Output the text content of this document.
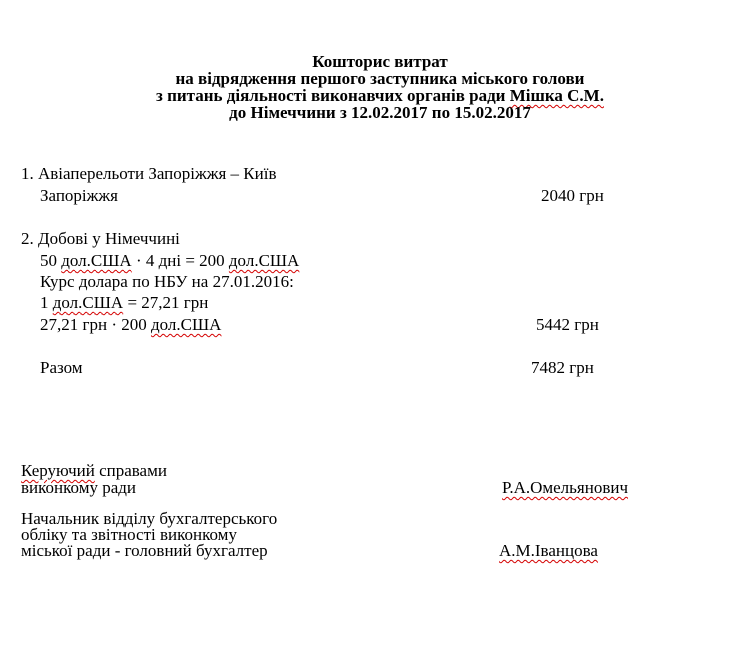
Кошторис витрат
на відрядження першого заступника міського голови
з питань діяльності виконавчих органів ради Мішка С.М.
до Німеччини з 12.02.2017 по 15.02.2017
1. Авіаперельоти Запоріжжя – Київ
Запоріжжя	2040 грн
2. Добові у Німеччині
50 дол.США · 4 дні = 200 дол.США
Курс долара по НБУ на 27.01.2016:
1 дол.США = 27,21 грн
27,21 грн · 200 дол.США	5442 грн
Разом	7482 грн
Керуючий справами
виконкому ради	Р.А.Омельянович
Начальник відділу бухгалтерського
обліку та звітності виконкому
міської ради - головний бухгалтер	А.М.Іванцова
